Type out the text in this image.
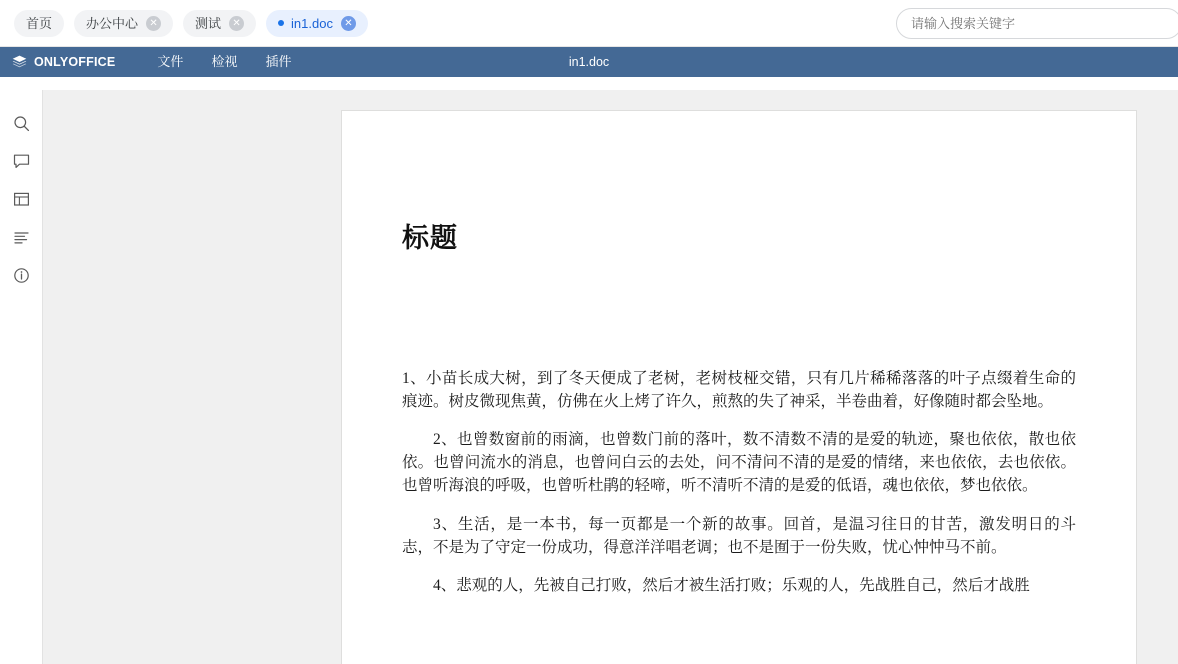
首页	办公中心	✕	测试	✕	in1.doc	✕
请输入搜索关键字
ONLYOFFICE	文件	检视	插件	in1.doc
标题

1、小苗长成大树，到了冬天便成了老树，老树枝桠交错，只有几片稀稀落落的叶子点缀着生命的痕迹。树皮微现焦黄，仿佛在火上烤了许久，煎熬的失了神采，半卷曲着，好像随时都会坠地。

2、也曾数窗前的雨滴，也曾数门前的落叶，数不清数不清的是爱的轨迹，聚也依依，散也依依。也曾问流水的消息，也曾问白云的去处，问不清问不清的是爱的情绪，来也依依，去也依依。也曾听海浪的呼吸，也曾听杜鹃的轻啼，听不清听不清的是爱的低语，魂也依依，梦也依依。

3、生活，是一本书，每一页都是一个新的故事。回首，是温习往日的甘苦，激发明日的斗志，不是为了守定一份成功，得意洋洋唱老调；也不是囿于一份失败，忧心忡忡马不前。

4、悲观的人，先被自己打败，然后才被生活打败；乐观的人，先战胜自己，然后才战胜
